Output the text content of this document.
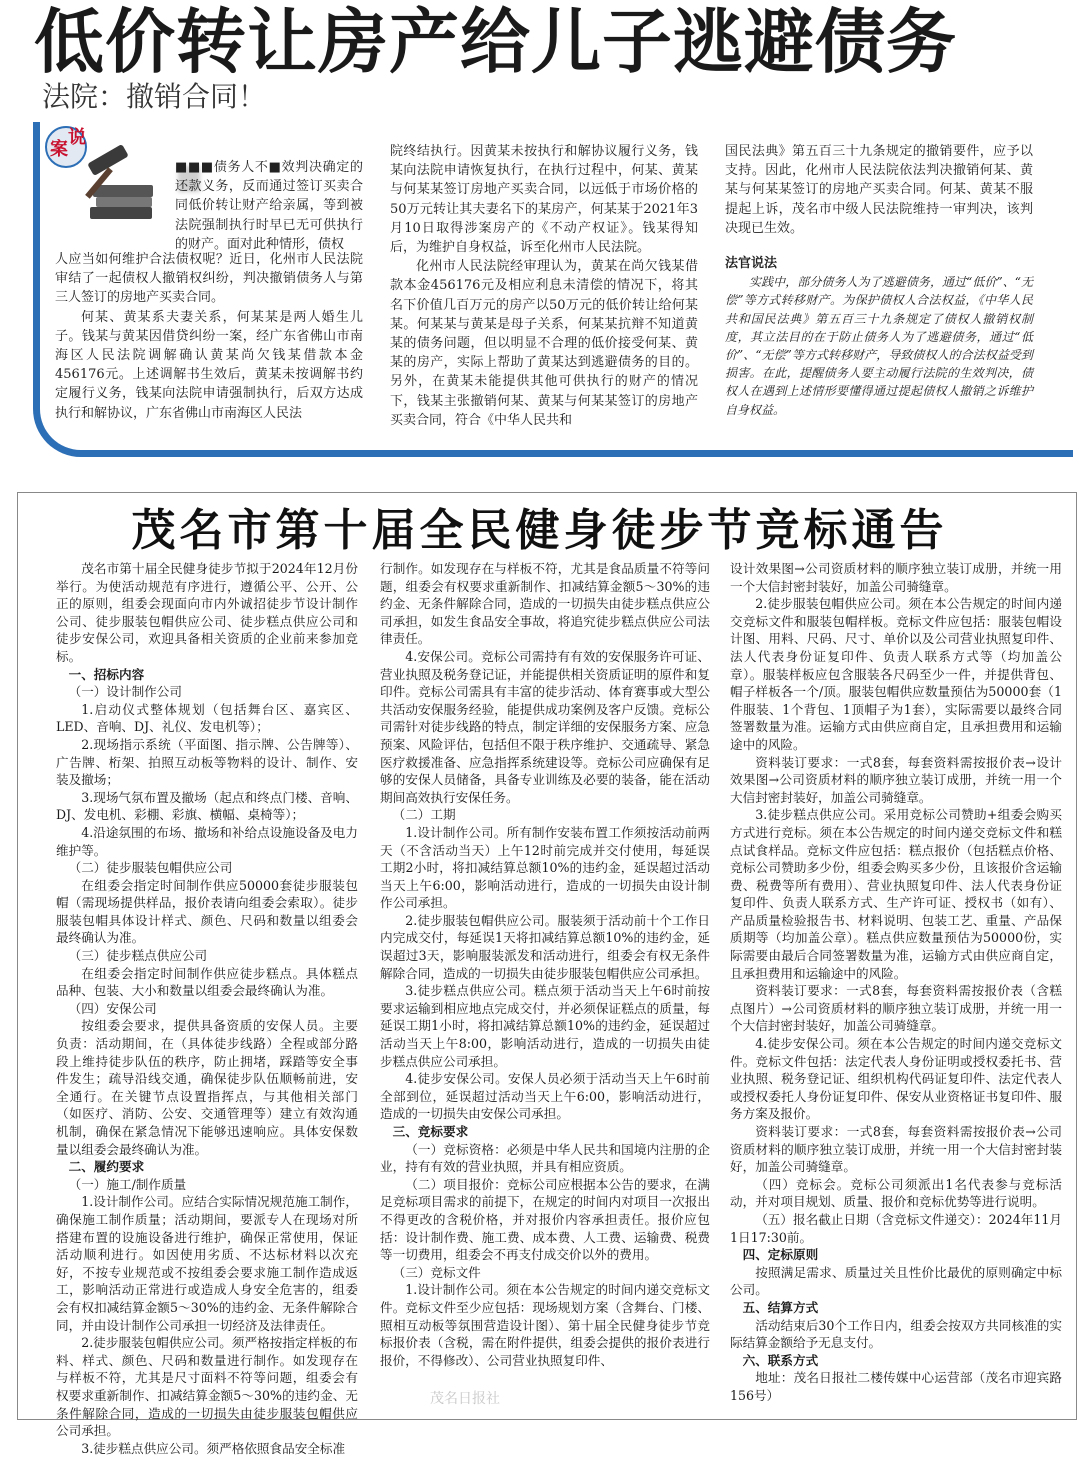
低价转让房产给儿子逃避债务
法院：撤销合同！
案
说
■■■债务人不■效判决确定的还款义务，反而通过签订买卖合同低价转让财产给亲属，等到被法院强制执行时早已无可供执行的财产。面对此种情形，债权

人应当如何维护合法债权呢？近日，化州市人民法院审结了一起债权人撤销权纠纷，判决撤销债务人与第三人签订的房地产买卖合同。

何某、黄某系夫妻关系，何某某是两人婚生儿子。钱某与黄某因借贷纠纷一案，经广东省佛山市南海区人民法院调解确认黄某尚欠钱某借款本金456176元。上述调解书生效后，黄某未按调解书约定履行义务，钱某向法院申请强制执行，后双方达成执行和解协议，广东省佛山市南海区人民法

院终结执行。因黄某未按执行和解协议履行义务，钱某向法院申请恢复执行，在执行过程中，何某、黄某与何某某签订房地产买卖合同，以远低于市场价格的50万元转让其夫妻名下的某房产，何某某于2021年3月10日取得涉案房产的《不动产权证》。钱某得知后，为维护自身权益，诉至化州市人民法院。

化州市人民法院经审理认为，黄某在尚欠钱某借款本金456176元及相应利息未清偿的情况下，将其名下价值几百万元的房产以50万元的低价转让给何某某。何某某与黄某是母子关系，何某某抗辩不知道黄某的债务问题，但以明显不合理的低价接受何某、黄某的房产，实际上帮助了黄某达到逃避债务的目的。另外，在黄某未能提供其他可供执行的财产的情况下，钱某主张撤销何某、黄某与何某某签订的房地产买卖合同，符合《中华人民共和

国民法典》第五百三十九条规定的撤销要件，应予以支持。因此，化州市人民法院依法判决撤销何某、黄某与何某某签订的房地产买卖合同。何某、黄某不服提起上诉，茂名市中级人民法院维持一审判决，该判决现已生效。

法官说法

实践中，部分债务人为了逃避债务，通过“低价”、“无偿”等方式转移财产。为保护债权人合法权益，《中华人民共和国民法典》第五百三十九条规定了债权人撤销权制度，其立法目的在于防止债务人为了逃避债务，通过“低价”、“无偿”等方式转移财产，导致债权人的合法权益受到损害。在此，提醒债务人要主动履行法院的生效判决，债权人在遇到上述情形要懂得通过提起债权人撤销之诉维护自身权益。

茂名市第十届全民健身徒步节竞标通告

茂名市第十届全民健身徒步节拟于2024年12月份举行。为使活动规范有序进行，遵循公平、公开、公正的原则，组委会现面向市内外诚招徒步节设计制作公司、徒步服装包帽供应公司、徒步糕点供应公司和徒步安保公司，欢迎具备相关资质的企业前来参加竞标。

一、招标内容

（一）设计制作公司

1.启动仪式整体规划（包括舞台区、嘉宾区、LED、音响、DJ、礼仪、发电机等）；

2.现场指示系统（平面图、指示牌、公告牌等）、广告牌、桁架、拍照互动板等物料的设计、制作、安装及撤场；

3.现场气氛布置及撤场（起点和终点门楼、音响、DJ、发电机、彩棚、彩旗、横幅、桌椅等）；

4.沿途氛围的布场、撤场和补给点设施设备及电力维护等。

（二）徒步服装包帽供应公司

在组委会指定时间制作供应50000套徒步服装包帽（需现场提供样品，报价表请向组委会索取）。徒步服装包帽具体设计样式、颜色、尺码和数量以组委会最终确认为准。

（三）徒步糕点供应公司

在组委会指定时间制作供应徒步糕点。具体糕点品种、包装、大小和数量以组委会最终确认为准。

（四）安保公司

按组委会要求，提供具备资质的安保人员。主要负责：活动期间，在（具体徒步线路）全程或部分路段上维持徒步队伍的秩序，防止拥堵，踩踏等安全事件发生；疏导沿线交通，确保徒步队伍顺畅前进，安全通行。在关键节点设置指挥点，与其他相关部门（如医疗、消防、公安、交通管理等）建立有效沟通机制，确保在紧急情况下能够迅速响应。具体安保数量以组委会最终确认为准。

二、履约要求

（一）施工/制作质量

1.设计制作公司。应结合实际情况规范施工制作，确保施工制作质量；活动期间，要派专人在现场对所搭建布置的设施设备进行维护，确保正常使用，保证活动顺利进行。如因使用劣质、不达标材料以次充好，不按专业规范或不按组委会要求施工制作造成返工，影响活动正常进行或造成人身安全危害的，组委会有权扣减结算金额5～30%的违约金、无条件解除合同，并由设计制作公司承担一切经济及法律责任。

2.徒步服装包帽供应公司。须严格按指定样板的布料、样式、颜色、尺码和数量进行制作。如发现存在与样板不符，尤其是尺寸面料不符等问题，组委会有权要求重新制作、扣减结算金额5～30%的违约金、无条件解除合同，造成的一切损失由徒步服装包帽供应公司承担。

3.徒步糕点供应公司。须严格依照食品安全标准

行制作。如发现存在与样板不符，尤其是食品质量不符等问题，组委会有权要求重新制作、扣减结算金额5～30%的违约金、无条件解除合同，造成的一切损失由徒步糕点供应公司承担，如发生食品安全事故，将追究徒步糕点供应公司法律责任。

4.安保公司。竞标公司需持有有效的安保服务许可证、营业执照及税务登记证，并能提供相关资质证明的原件和复印件。竞标公司需具有丰富的徒步活动、体育赛事或大型公共活动安保服务经验，能提供成功案例及客户反馈。竞标公司需针对徒步线路的特点，制定详细的安保服务方案、应急预案、风险评估，包括但不限于秩序维护、交通疏导、紧急医疗救援准备、应急指挥系统建设等。竞标公司应确保有足够的安保人员储备，具备专业训练及必要的装备，能在活动期间高效执行安保任务。

（二）工期

1.设计制作公司。所有制作安装布置工作须按活动前两天（不含活动当天）上午12时前完成并交付使用，每延误工期2小时，将扣减结算总额10%的违约金，延误超过活动当天上午6:00，影响活动进行，造成的一切损失由设计制作公司承担。

2.徒步服装包帽供应公司。服装须于活动前十个工作日内完成交付，每延误1天将扣减结算总额10%的违约金，延误超过3天，影响服装派发和活动进行，组委会有权无条件解除合同，造成的一切损失由徒步服装包帽供应公司承担。

3.徒步糕点供应公司。糕点须于活动当天上午6时前按要求运输到相应地点完成交付，并必须保证糕点的质量，每延误工期1小时，将扣减结算总额10%的违约金，延误超过活动当天上午8:00，影响活动进行，造成的一切损失由徒步糕点供应公司承担。

4.徒步安保公司。安保人员必须于活动当天上午6时前全部到位，延误超过活动当天上午6:00，影响活动进行，造成的一切损失由安保公司承担。

三、竞标要求

（一）竞标资格：必须是中华人民共和国境内注册的企业，持有有效的营业执照，并具有相应资质。

（二）项目报价：竞标公司应根据本公告的要求，在满足竞标项目需求的前提下，在规定的时间内对项目一次报出不得更改的含税价格，并对报价内容承担责任。报价应包括：设计制作费、施工费、成本费、人工费、运输费、税费等一切费用，组委会不再支付成交价以外的费用。

（三）竞标文件

1.设计制作公司。须在本公告规定的时间内递交竞标文件。竞标文件至少应包括：现场规划方案（含舞台、门楼、照相互动板等氛围营造设计图）、第十届全民健身徒步节竞标报价表（含税，需在附件提供，组委会提供的报价表进行报价，不得修改）、公司营业执照复印件、

设计效果图→公司资质材料的顺序独立装订成册，并统一用一个大信封密封装好，加盖公司骑缝章。

2.徒步服装包帽供应公司。须在本公告规定的时间内递交竞标文件和服装包帽样板。竞标文件应包括：服装包帽设计图、用料、尺码、尺寸、单价以及公司营业执照复印件、法人代表身份证复印件、负责人联系方式等（均加盖公章）。服装样板应包含服装各尺码至少一件，并提供背包、帽子样板各一个/顶。服装包帽供应数量预估为50000套（1件服装、1个背包、1顶帽子为1套），实际需要以最终合同签署数量为准。运输方式由供应商自定，且承担费用和运输途中的风险。

资料装订要求：一式8套，每套资料需按报价表→设计效果图→公司资质材料的顺序独立装订成册，并统一用一个大信封密封装好，加盖公司骑缝章。

3.徒步糕点供应公司。采用竞标公司赞助+组委会购买方式进行竞标。须在本公告规定的时间内递交竞标文件和糕点试食样品。竞标文件应包括：糕点报价（包括糕点价格、竞标公司赞助多少份，组委会购买多少份，且该报价含运输费、税费等所有费用）、营业执照复印件、法人代表身份证复印件、负责人联系方式、生产许可证、授权书（如有）、产品质量检验报告书、材料说明、包装工艺、重量、产品保质期等（均加盖公章）。糕点供应数量预估为50000份，实际需要由最后合同签署数量为准，运输方式由供应商自定，且承担费用和运输途中的风险。

资料装订要求：一式8套，每套资料需按报价表（含糕点图片）→公司资质材料的顺序独立装订成册，并统一用一个大信封密封装好，加盖公司骑缝章。

4.徒步安保公司。须在本公告规定的时间内递交竞标文件。竞标文件包括：法定代表人身份证明或授权委托书、营业执照、税务登记证、组织机构代码证复印件、法定代表人或授权委托人身份证复印件、保安从业资格证书复印件、服务方案及报价。

资料装订要求：一式8套，每套资料需按报价表→公司资质材料的顺序独立装订成册，并统一用一个大信封密封装好，加盖公司骑缝章。

（四）竞标会。竞标公司须派出1名代表参与竞标活动，并对项目规划、质量、报价和竞标优势等进行说明。

（五）报名截止日期（含竞标文件递交）：2024年11月1日17:30前。

四、定标原则

按照满足需求、质量过关且性价比最优的原则确定中标公司。

五、结算方式

活动结束后30个工作日内，组委会按双方共同核准的实际结算金额给予无息支付。

六、联系方式

地址：茂名日报社二楼传媒中心运营部（茂名市迎宾路156号）

茂名日报社
